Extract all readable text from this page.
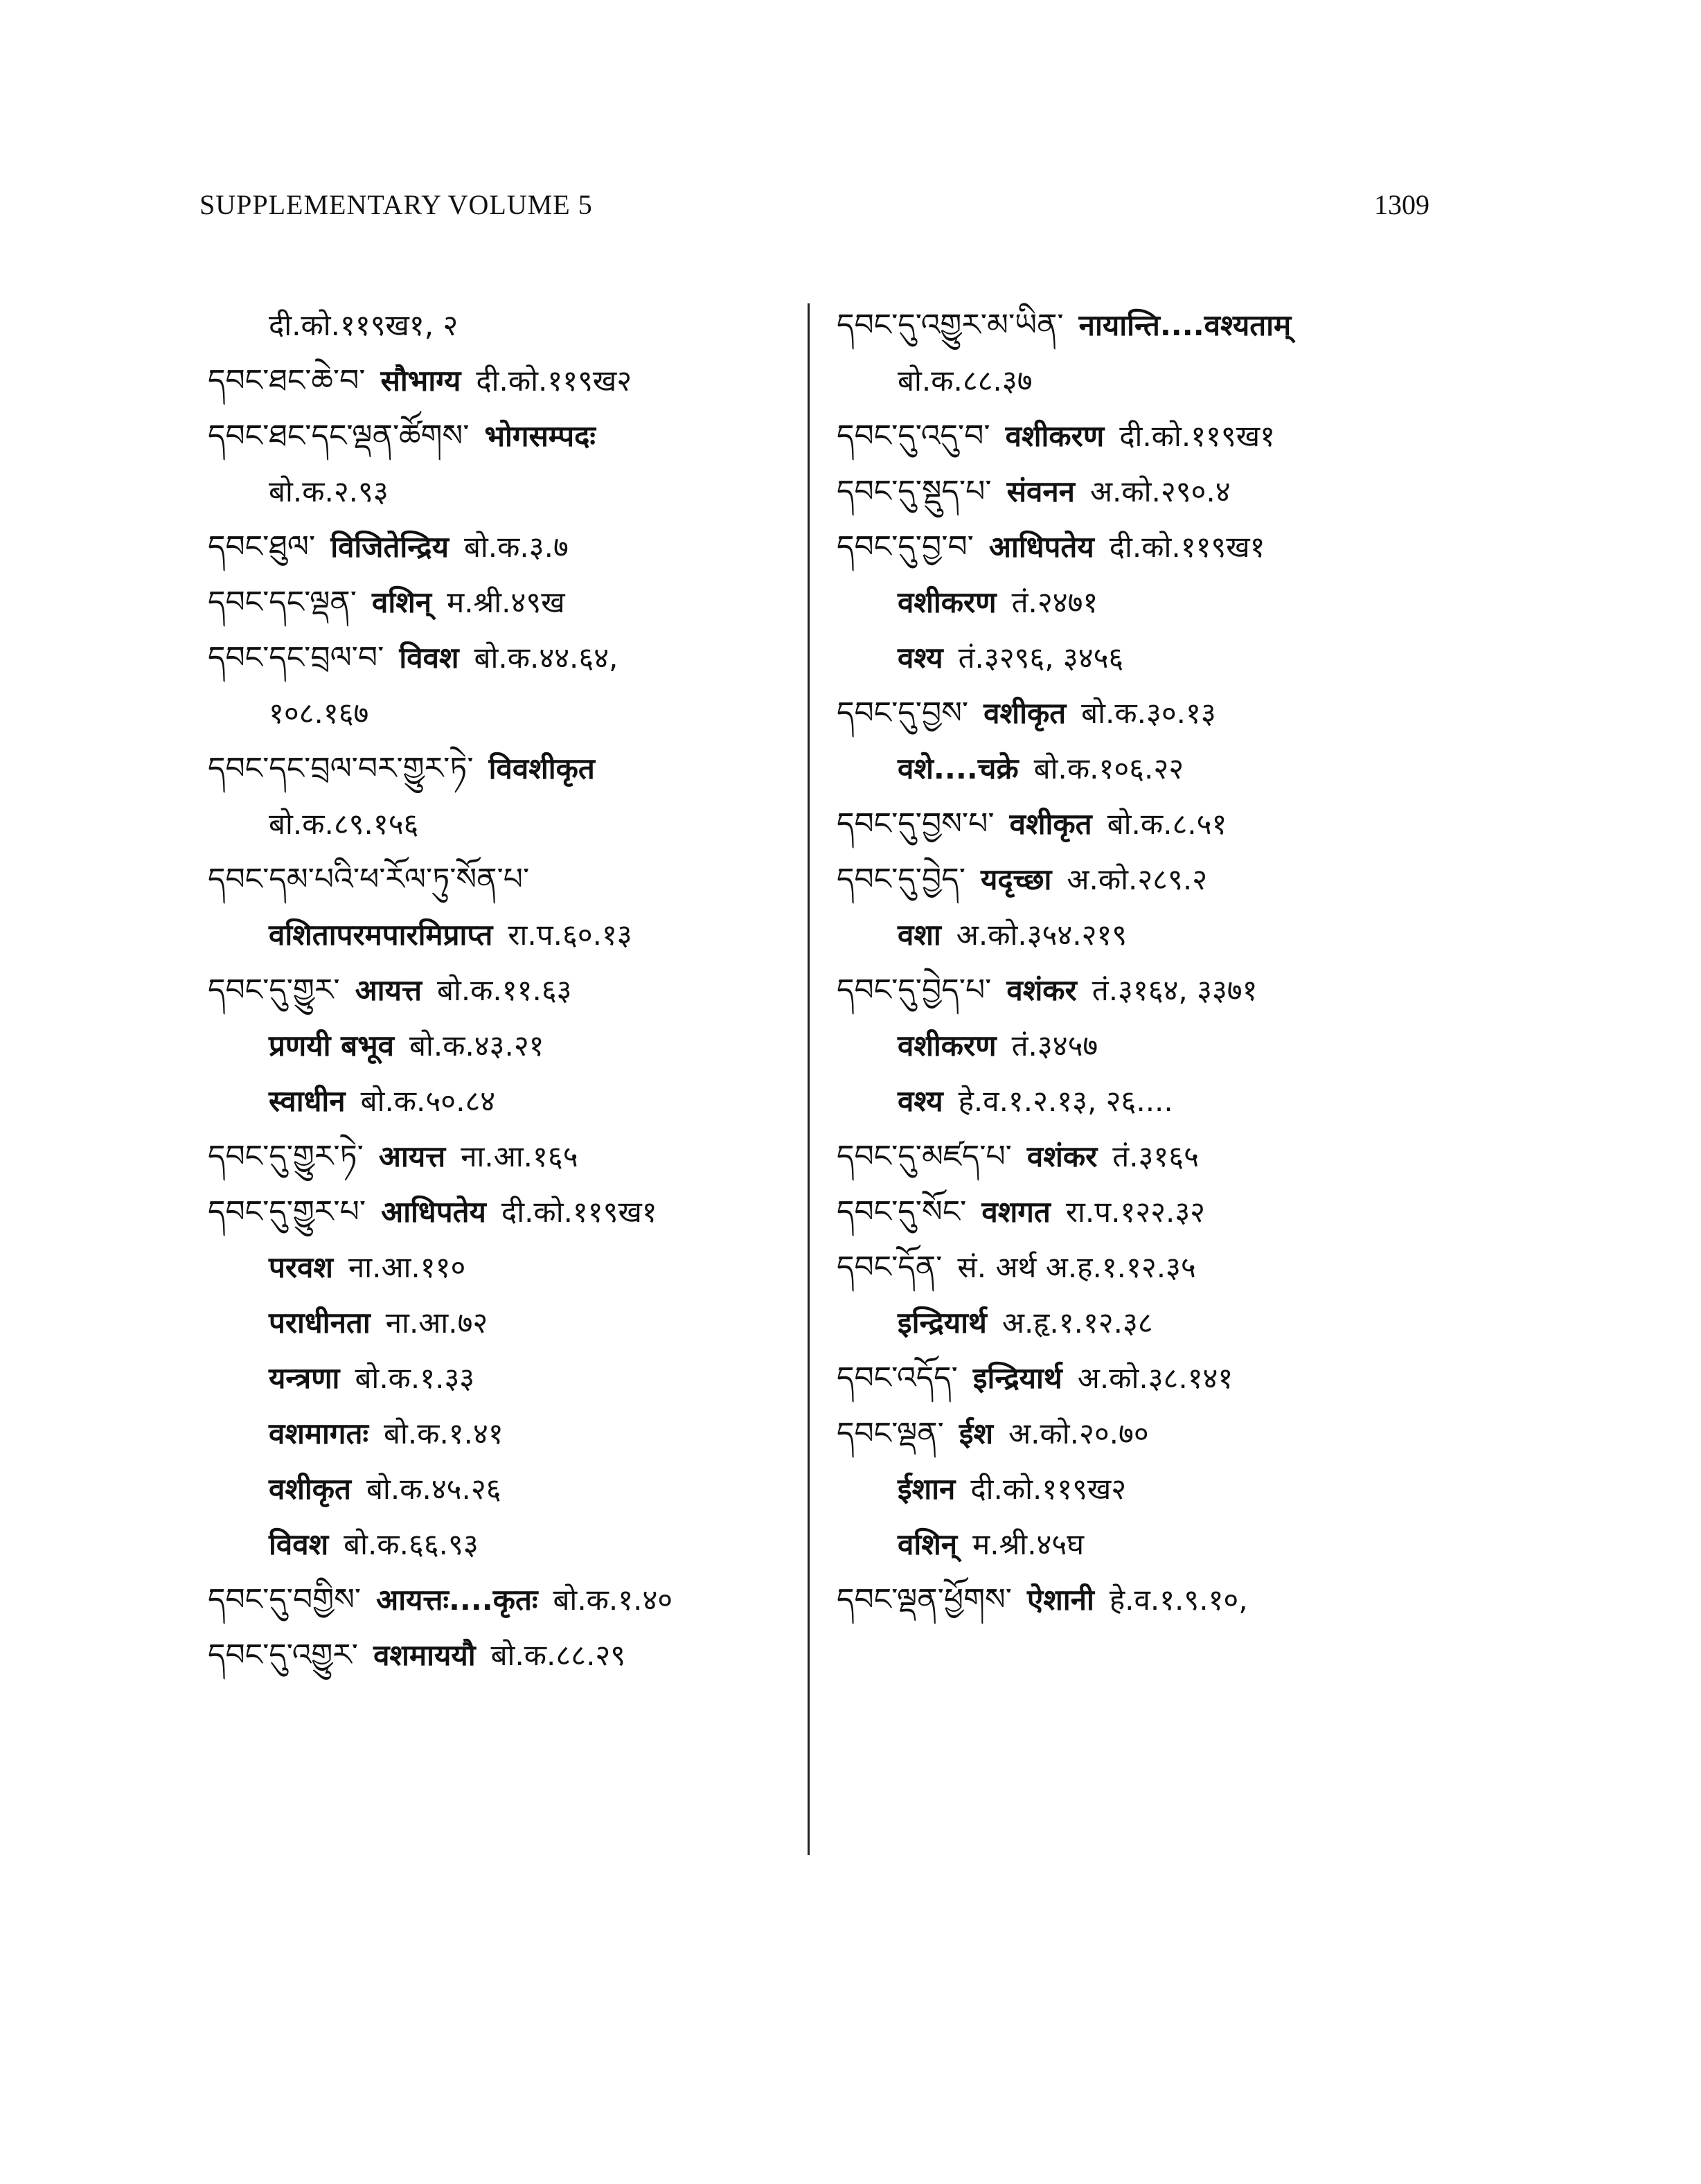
SUPPLEMENTARY VOLUME 5	1309
दी.को.११९ख१, २
དབང་ཐང་ཆེ་བ་ सौभाग्य दी.को.११९ख२
དབང་ཐང་དང་ལྡན་ཚོགས་ भोगसम्पदः
बो.क.२.९३
དབང་ཐུལ་ विजितेन्द्रिय बो.क.३.७
དབང་དང་ལྡན་ वशिन् म.श्री.४९ख
དབང་དང་བྲལ་བ་ विवश बो.क.४४.६४,
१०८.१६७
དབང་དང་བྲལ་བར་གྱུར་ཏེ་ विवशीकृत
बो.क.८९.१५६
དབང་དམ་པའི་ཕ་རོལ་ཏུ་སོན་པ་
वशितापरमपारमिप्राप्त रा.प.६०.१३
དབང་དུ་གྱུར་ आयत्त बो.क.११.६३
प्रणयी बभूव बो.क.४३.२१
स्वाधीन बो.क.५०.८४
དབང་དུ་གྱུར་ཏེ་ आयत्त ना.आ.१६५
དབང་དུ་གྱུར་པ་ आधिपतेय दी.को.११९ख१
परवश ना.आ.११०
पराधीनता ना.आ.७२
यन्त्रणा बो.क.१.३३
वशमागतः बो.क.१.४१
वशीकृत बो.क.४५.२६
विवश बो.क.६६.९३
དབང་དུ་བགྱིས་ आयत्तः....कृतः बो.क.१.४०
དབང་དུ་འགྱུར་ वशमाययौ बो.क.८८.२९
དབང་དུ་འགྱུར་མ་ཡིན་ नायान्ति....वश्यताम्
बो.क.८८.३७
དབང་དུ་འདུ་བ་ वशीकरण दी.को.११९ख१
དབང་དུ་སྡུད་པ་ संवनन अ.को.२९०.४
དབང་དུ་བྱ་བ་ आधिपतेय दी.को.११९ख१
वशीकरण तं.२४७१
वश्य तं.३२९६, ३४५६
དབང་དུ་བྱས་ वशीकृत बो.क.३०.१३
वशे....चक्रे बो.क.१०६.२२
དབང་དུ་བྱས་པ་ वशीकृत बो.क.८.५१
དབང་དུ་བྱེད་ यदृच्छा अ.को.२८९.२
वशा अ.को.३५४.२१९
དབང་དུ་བྱེད་པ་ वशंकर तं.३१६४, ३३७१
वशीकरण तं.३४५७
वश्य हे.व.१.२.१३, २६....
དབང་དུ་མཛད་པ་ वशंकर तं.३१६५
དབང་དུ་སོང་ वशगत रा.प.१२२.३२
དབང་དོན་ सं. अर्थ अ.ह.१.१२.३५
इन्द्रियार्थ अ.हृ.१.१२.३८
དབང་འདོད་ इन्द्रियार्थ अ.को.३८.१४१
དབང་ལྡན་ ईश अ.को.२०.७०
ईशान दी.को.११९ख२
वशिन् म.श्री.४५घ
དབང་ལྡན་ཕྱོགས་ ऐशानी हे.व.१.९.१०,
